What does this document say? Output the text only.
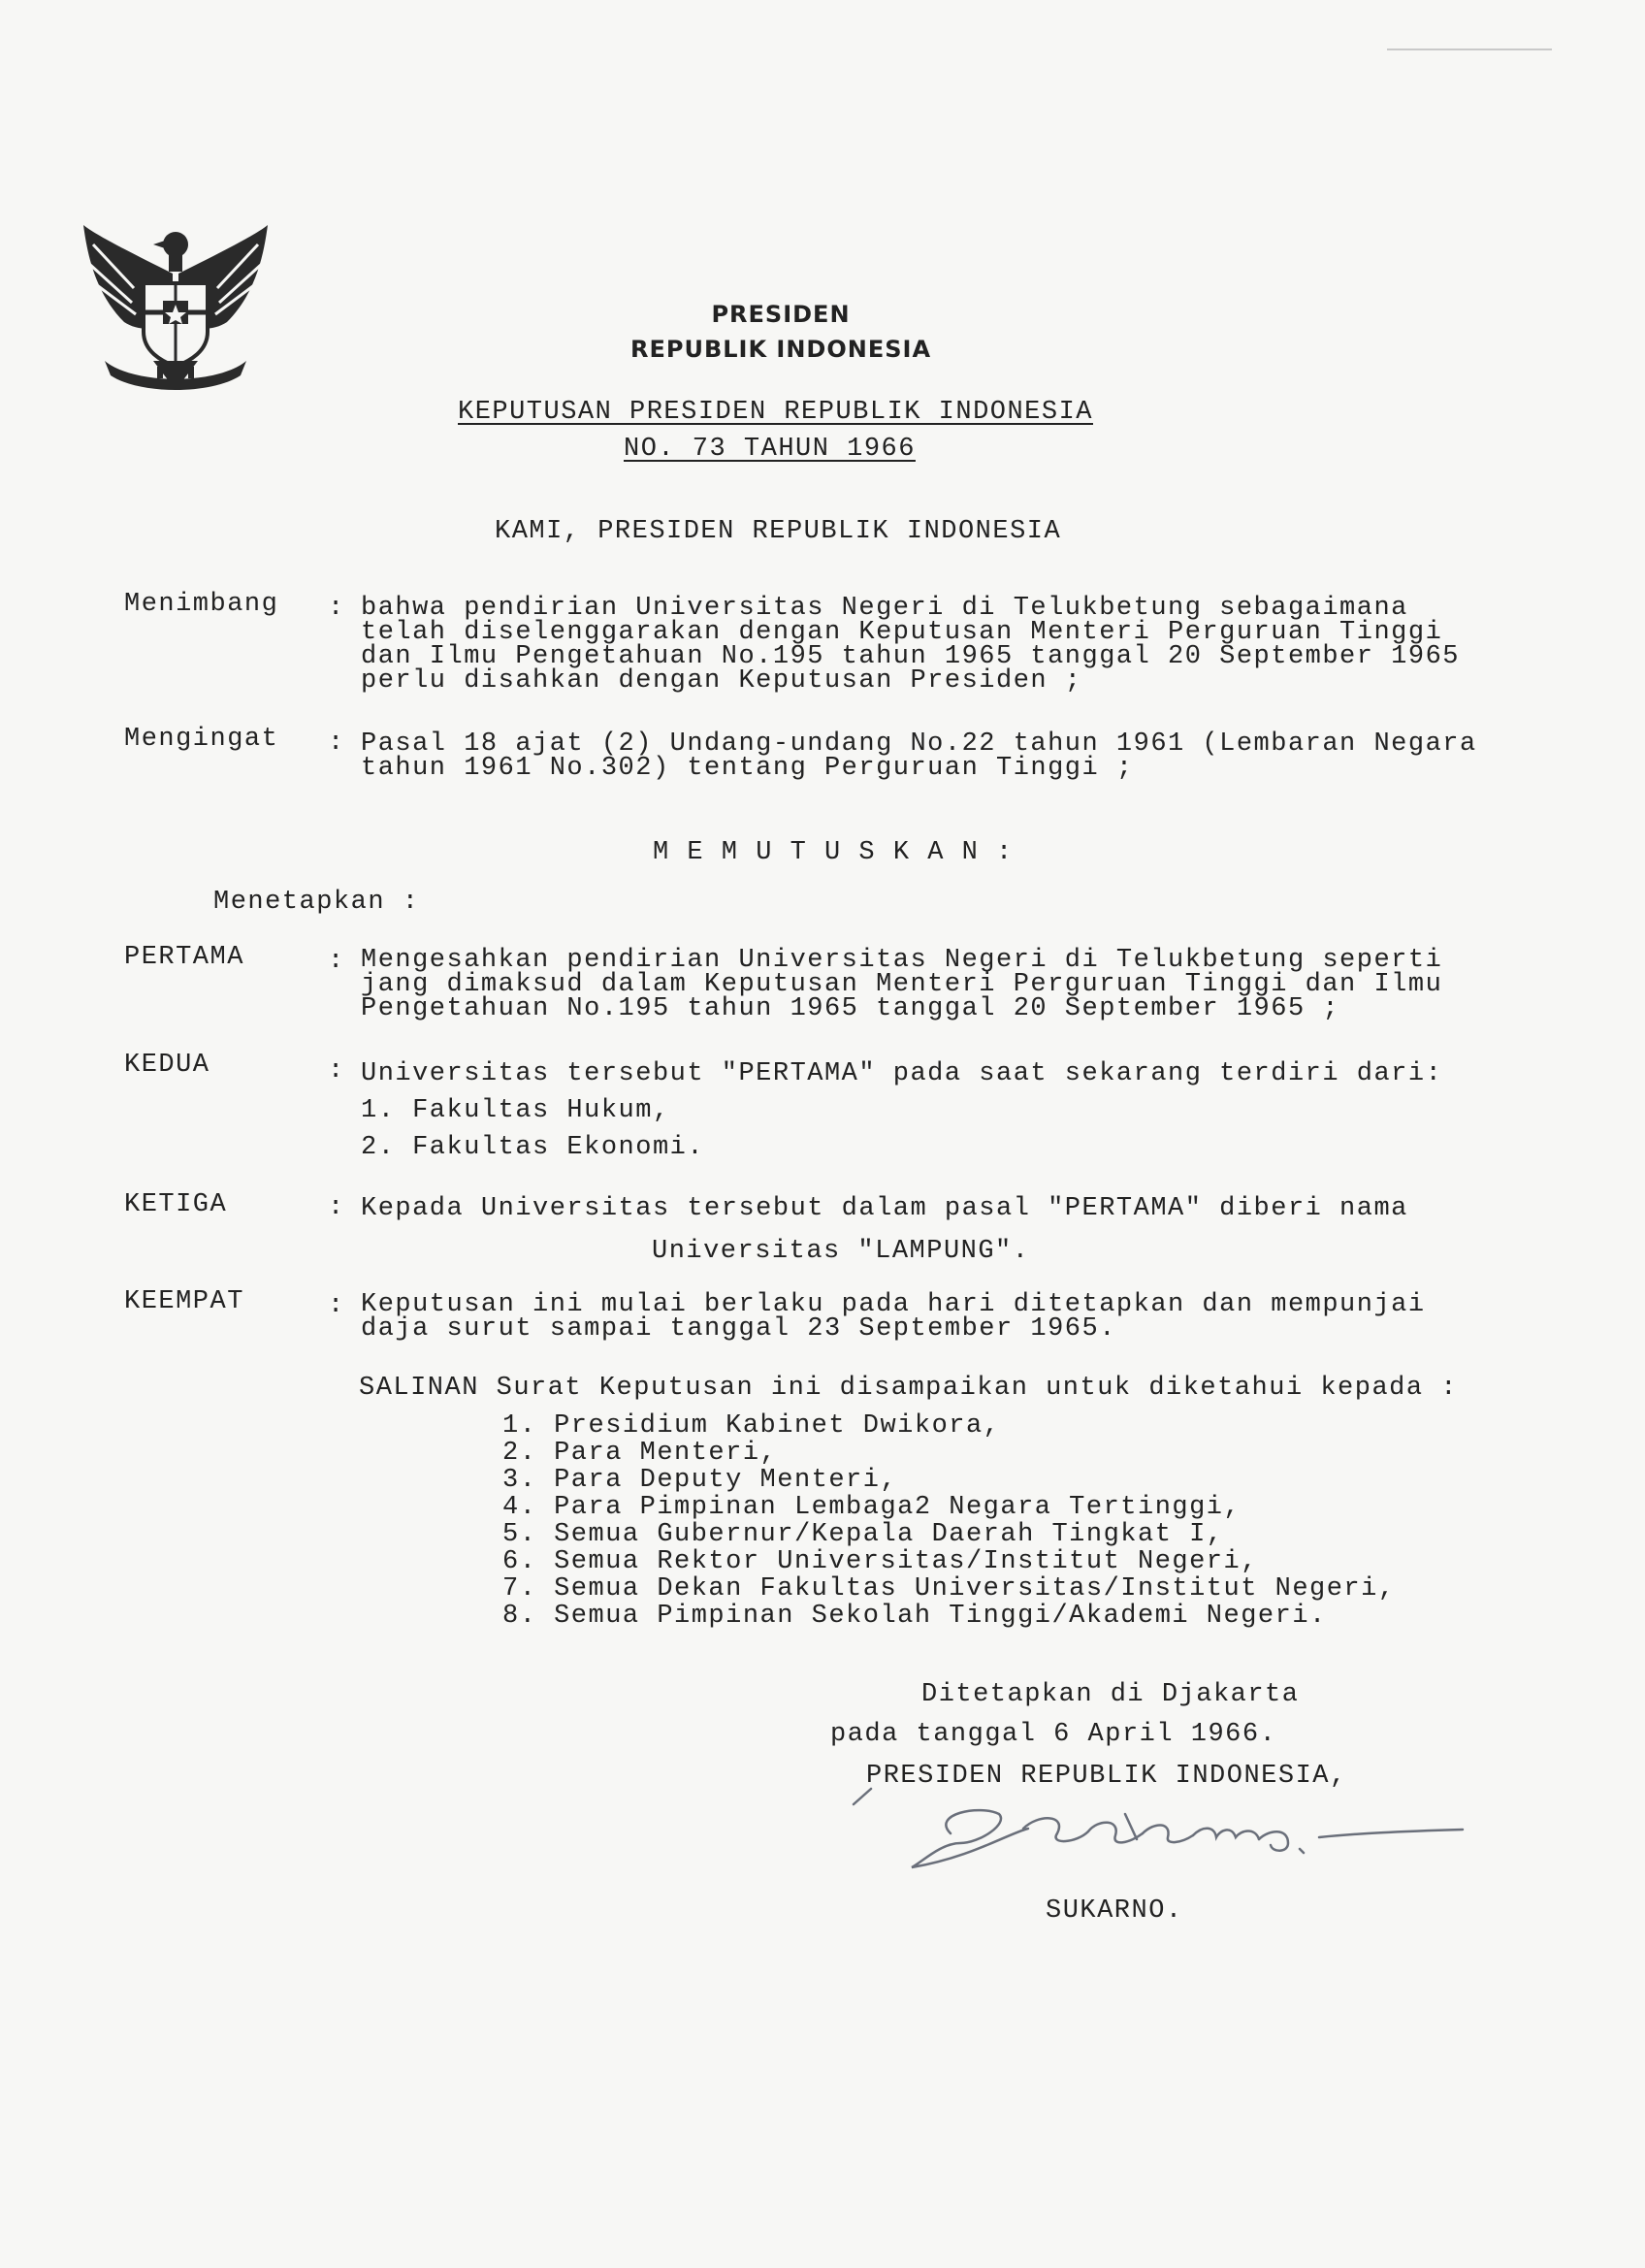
PRESIDEN
REPUBLIK INDONESIA
KEPUTUSAN PRESIDEN REPUBLIK INDONESIA
NO. 73 TAHUN 1966
KAMI, PRESIDEN REPUBLIK INDONESIA
Menimbang : bahwa pendirian Universitas Negeri di Telukbetung sebagaimana
telah diselenggarakan dengan Keputusan Menteri Perguruan Tinggi
dan Ilmu Pengetahuan No.195 tahun 1965 tanggal 20 September 1965
perlu disahkan dengan Keputusan Presiden ;
Mengingat : Pasal 18 ajat (2) Undang-undang No.22 tahun 1961 (Lembaran Negara
tahun 1961 No.302) tentang Perguruan Tinggi ;
M E M U T U S K A N :
Menetapkan :
PERTAMA	: Mengesahkan pendirian Universitas Negeri di Telukbetung seperti
jang dimaksud dalam Keputusan Menteri Perguruan Tinggi dan Ilmu
Pengetahuan No.195 tahun 1965 tanggal 20 September 1965 ;
KEDUA	: Universitas tersebut "PERTAMA" pada saat sekarang terdiri dari:
1. Fakultas Hukum,
2. Fakultas Ekonomi.
KETIGA	: Kepada Universitas tersebut dalam pasal "PERTAMA" diberi nama
Universitas "LAMPUNG".
KEEMPAT	: Keputusan ini mulai berlaku pada hari ditetapkan dan mempunjai
daja surut sampai tanggal 23 September 1965.
SALINAN Surat Keputusan ini disampaikan untuk diketahui kepada :
1. Presidium Kabinet Dwikora,
2. Para Menteri,
3. Para Deputy Menteri,
4. Para Pimpinan Lembaga2 Negara Tertinggi,
5. Semua Gubernur/Kepala Daerah Tingkat I,
6. Semua Rektor Universitas/Institut Negeri,
7. Semua Dekan Fakultas Universitas/Institut Negeri,
8. Semua Pimpinan Sekolah Tinggi/Akademi Negeri.
Ditetapkan di Djakarta
pada tanggal 6 April 1966.
PRESIDEN REPUBLIK INDONESIA,
SUKARNO.
